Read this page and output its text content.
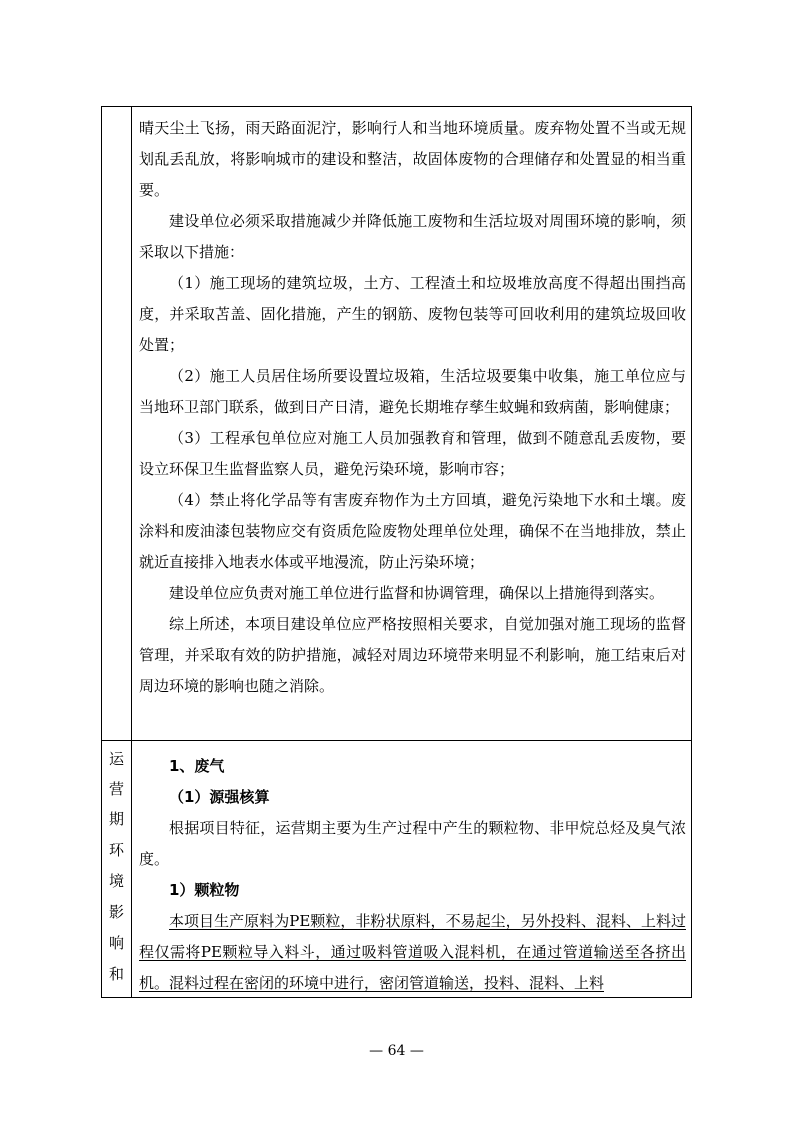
晴天尘土飞扬，雨天路面泥泞，影响行人和当地环境质量。废弃物处置不当或无规划乱丢乱放，将影响城市的建设和整洁，故固体废物的合理储存和处置显的相当重要。

建设单位必须采取措施减少并降低施工废物和生活垃圾对周围环境的影响，须采取以下措施：

（1）施工现场的建筑垃圾，土方、工程渣土和垃圾堆放高度不得超出围挡高度，并采取苫盖、固化措施，产生的钢筋、废物包装等可回收利用的建筑垃圾回收处置；

（2）施工人员居住场所要设置垃圾箱，生活垃圾要集中收集，施工单位应与当地环卫部门联系，做到日产日清，避免长期堆存孳生蚊蝇和致病菌，影响健康；

（3）工程承包单位应对施工人员加强教育和管理，做到不随意乱丢废物，要设立环保卫生监督监察人员，避免污染环境，影响市容；

（4）禁止将化学品等有害废弃物作为土方回填，避免污染地下水和土壤。废涂料和废油漆包装物应交有资质危险废物处理单位处理，确保不在当地排放，禁止就近直接排入地表水体或平地漫流，防止污染环境；

建设单位应负责对施工单位进行监督和协调管理，确保以上措施得到落实。

综上所述，本项目建设单位应严格按照相关要求，自觉加强对施工现场的监督管理，并采取有效的防护措施，减轻对周边环境带来明显不利影响，施工结束后对周边环境的影响也随之消除。

运
营
期
环
境
影
响
和

1、废气

（1）源强核算

根据项目特征，运营期主要为生产过程中产生的颗粒物、非甲烷总烃及臭气浓度。

1）颗粒物

本项目生产原料为PE颗粒，非粉状原料，不易起尘，另外投料、混料、上料过程仅需将PE颗粒导入料斗，通过吸料管道吸入混料机，在通过管道输送至各挤出机。混料过程在密闭的环境中进行，密闭管道输送，投料、混料、上料

— 64 —
